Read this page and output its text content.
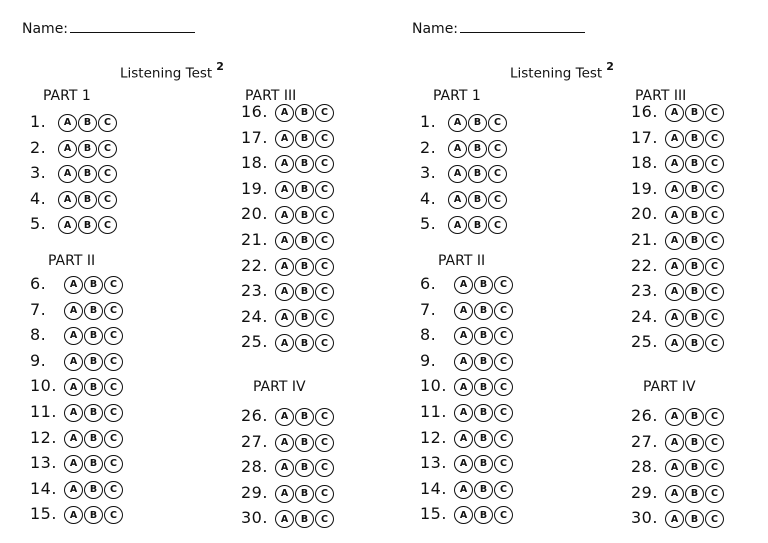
Name:
Listening Test $^2$
PART 1
1.	A	B	C
2.	A	B	C
3.	A	B	C
4.	A	B	C
5.	A	B	C
PART II
6.	A	B	C
7.	A	B	C
8.	A	B	C
9.	A	B	C
10.	A	B	C
11.	A	B	C
12.	A	B	C
13.	A	B	C
14.	A	B	C
15.	A	B	C
PART III
16.	A	B	C
17.	A	B	C
18.	A	B	C
19.	A	B	C
20.	A	B	C
21.	A	B	C
22.	A	B	C
23.	A	B	C
24.	A	B	C
25.	A	B	C
PART IV
26.	A	B	C
27.	A	B	C
28.	A	B	C
29.	A	B	C
30.	A	B	C
Name:
Listening Test $^2$
PART 1
1.	A	B	C
2.	A	B	C
3.	A	B	C
4.	A	B	C
5.	A	B	C
PART II
6.	A	B	C
7.	A	B	C
8.	A	B	C
9.	A	B	C
10.	A	B	C
11.	A	B	C
12.	A	B	C
13.	A	B	C
14.	A	B	C
15.	A	B	C
PART III
16.	A	B	C
17.	A	B	C
18.	A	B	C
19.	A	B	C
20.	A	B	C
21.	A	B	C
22.	A	B	C
23.	A	B	C
24.	A	B	C
25.	A	B	C
PART IV
26.	A	B	C
27.	A	B	C
28.	A	B	C
29.	A	B	C
30.	A	B	C
